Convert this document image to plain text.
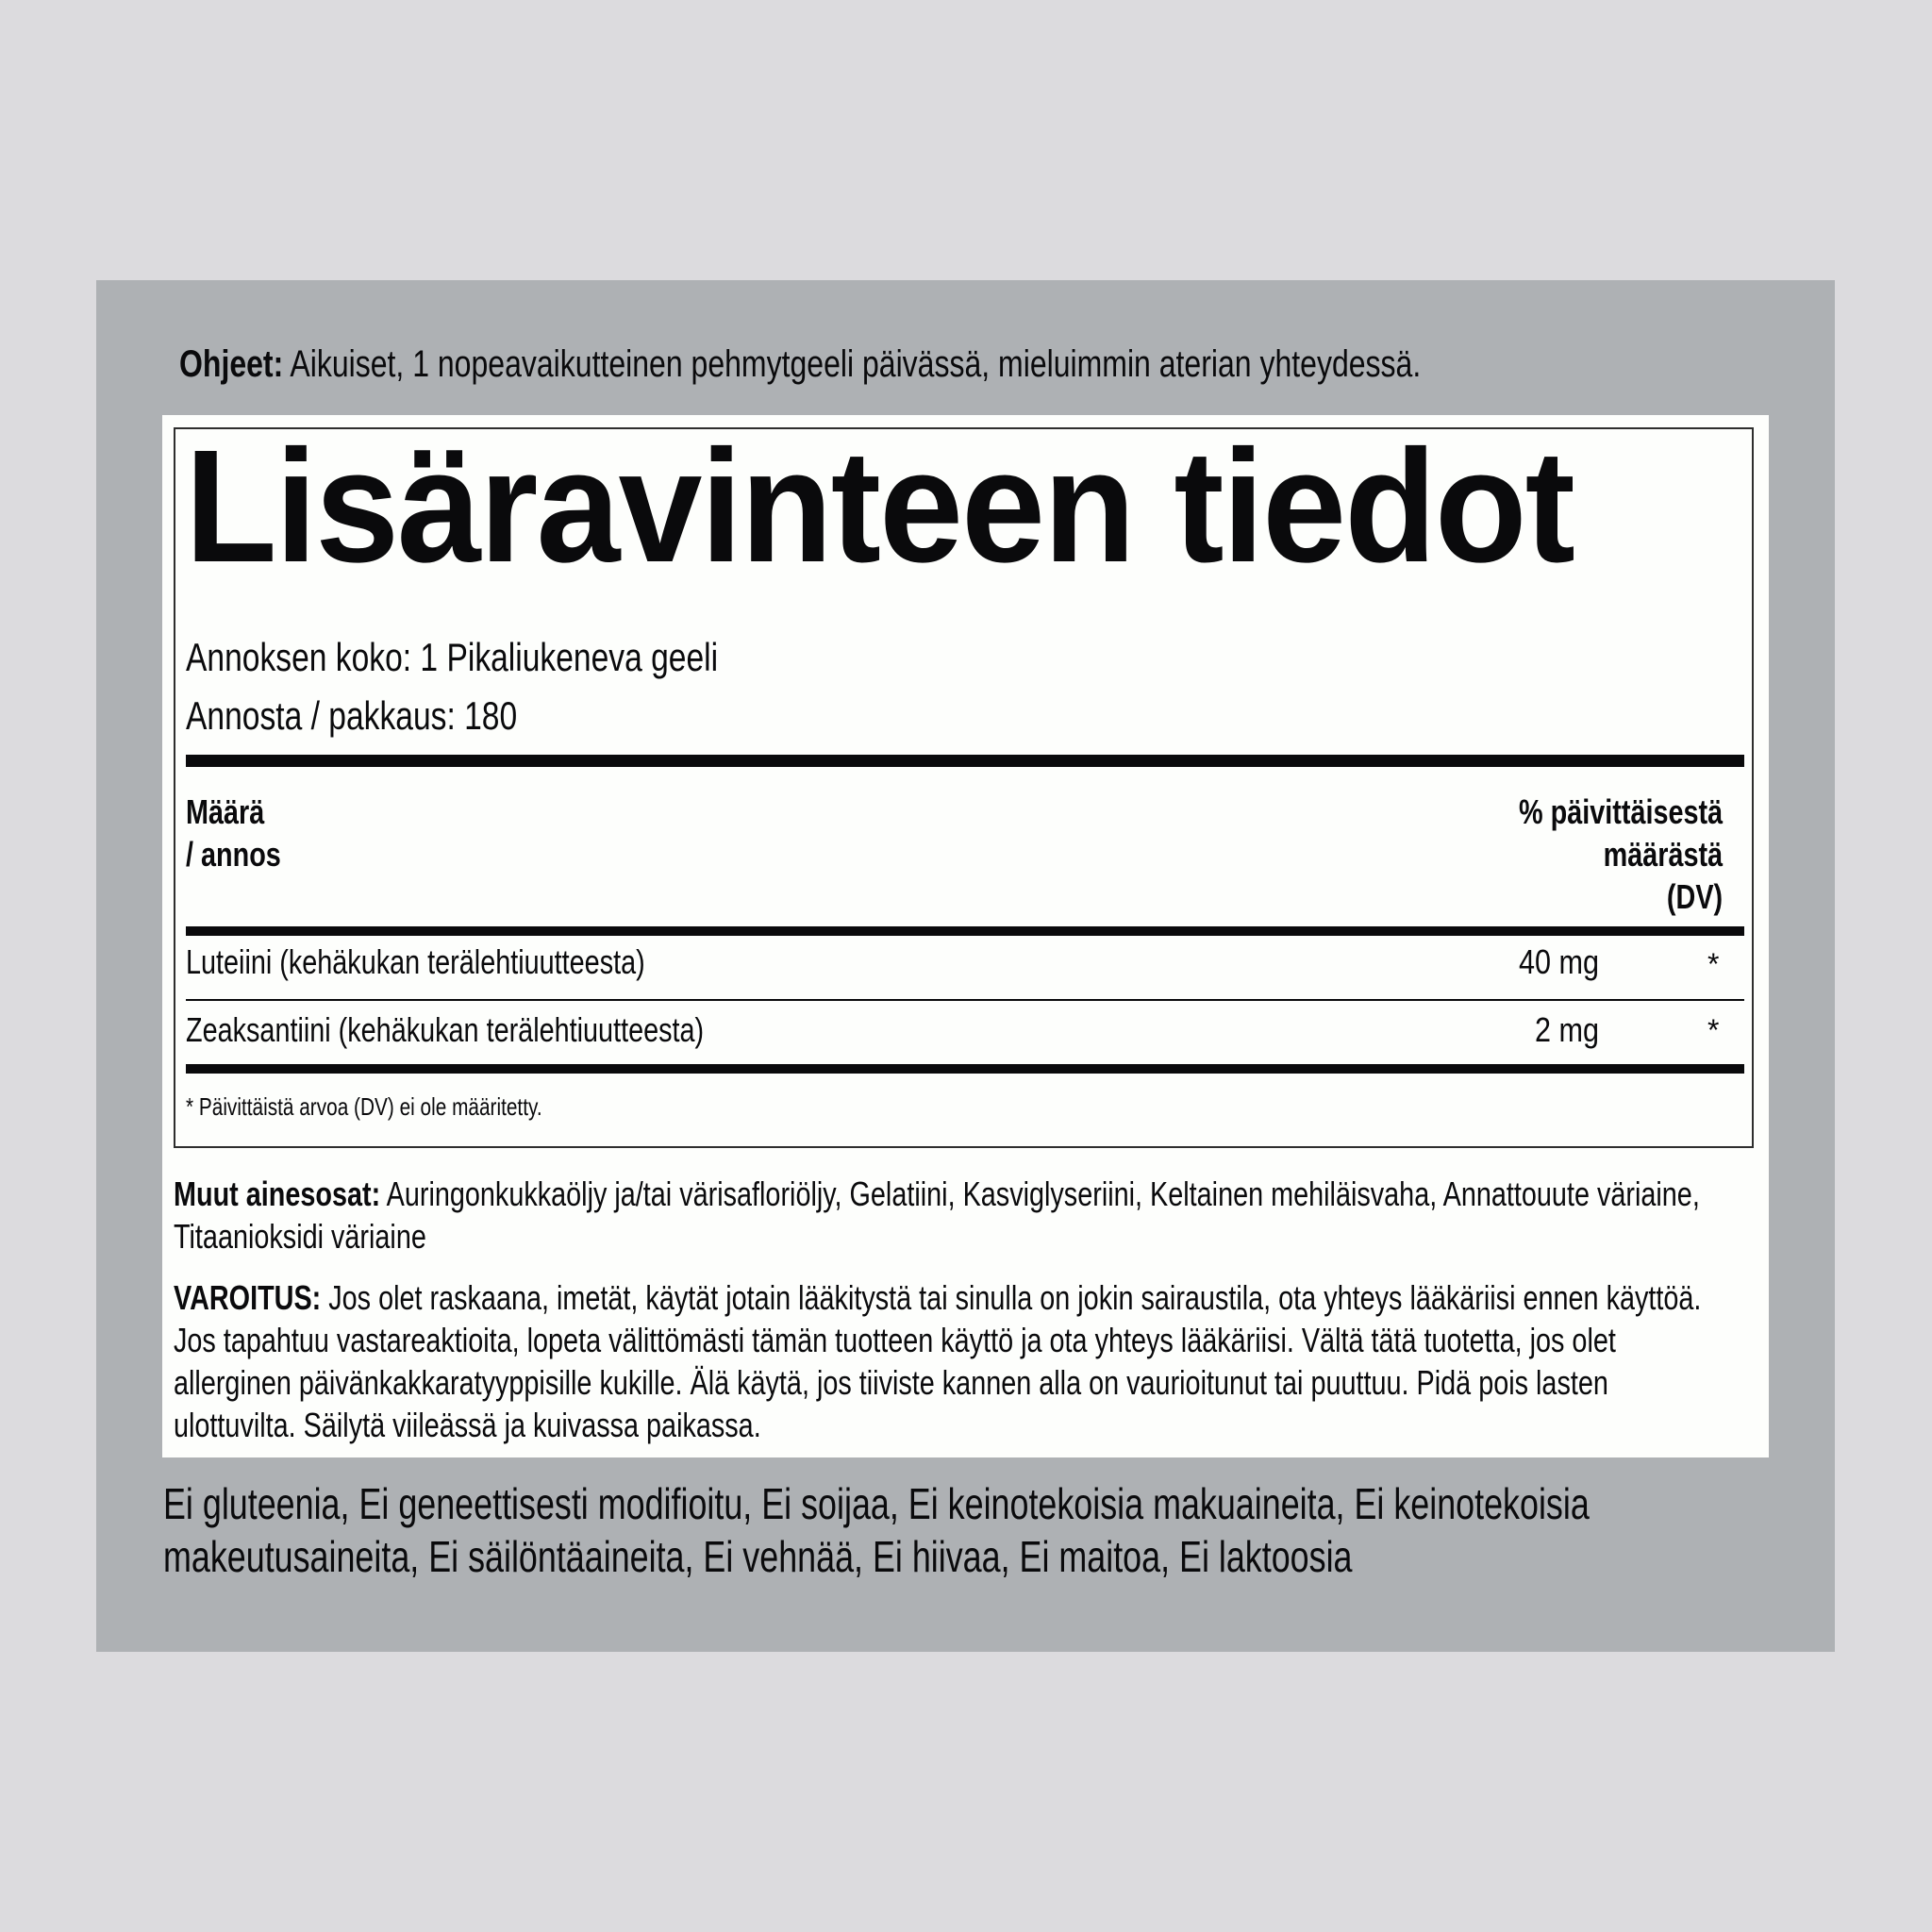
Ohjeet: Aikuiset, 1 nopeavaikutteinen pehmytgeeli päivässä, mieluimmin aterian yhteydessä.
Lisäravinteen tiedot
Annoksen koko: 1 Pikaliukeneva geeli
Annosta / pakkaus: 180
Määrä
/ annos
% päivittäisestä
määrästä
(DV)
Luteiini (kehäkukan terälehtiuutteesta)	40 mg	*
Zeaksantiini (kehäkukan terälehtiuutteesta)	2 mg	*
* Päivittäistä arvoa (DV) ei ole määritetty.
Muut ainesosat: Auringonkukkaöljy ja/tai värisafloriöljy, Gelatiini, Kasviglyseriini, Keltainen mehiläisvaha, Annattouute väriaine, Titaanioksidi väriaine
VAROITUS: Jos olet raskaana, imetät, käytät jotain lääkitystä tai sinulla on jokin sairaustila, ota yhteys lääkäriisi ennen käyttöä. Jos tapahtuu vastareaktioita, lopeta välittömästi tämän tuotteen käyttö ja ota yhteys lääkäriisi. Vältä tätä tuotetta, jos olet allerginen päivänkakkaratyyppisille kukille. Älä käytä, jos tiiviste kannen alla on vaurioitunut tai puuttuu. Pidä pois lasten ulottuvilta. Säilytä viileässä ja kuivassa paikassa.
Ei gluteenia, Ei geneettisesti modifioitu, Ei soijaa, Ei keinotekoisia makuaineita, Ei keinotekoisia makeutusaineita, Ei säilöntäaineita, Ei vehnää, Ei hiivaa, Ei maitoa, Ei laktoosia
